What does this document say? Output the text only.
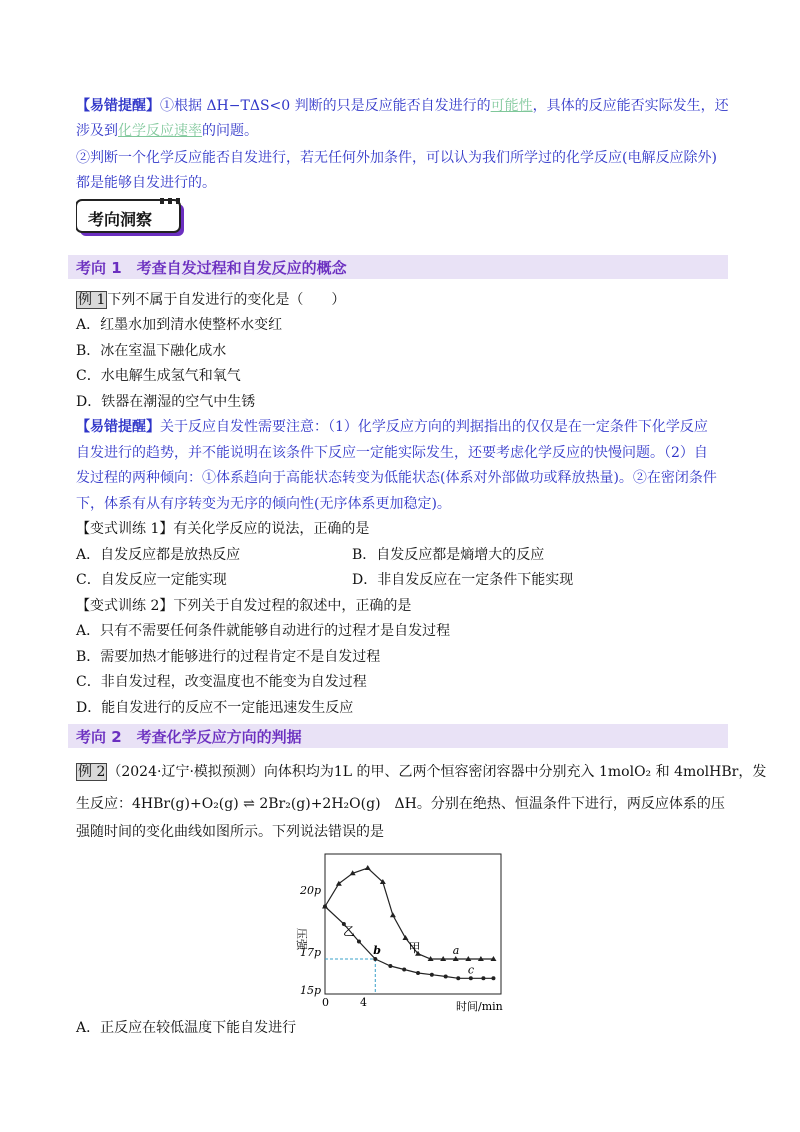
【易错提醒】①根据 ΔH−TΔS<0 判断的只是反应能否自发进行的可能性，具体的反应能否实际发生，还
涉及到化学反应速率的问题。
②判断一个化学反应能否自发进行，若无任何外加条件，可以认为我们所学过的化学反应(电解反应除外)
都是能够自发进行的。
考向洞察
考向 1　考查自发过程和自发反应的概念
例 1 下列不属于自发进行的变化是（　　）
A．红墨水加到清水使整杯水变红
B．冰在室温下融化成水
C．水电解生成氢气和氧气
D．铁器在潮湿的空气中生锈
【易错提醒】关于反应自发性需要注意：（1）化学反应方向的判据指出的仅仅是在一定条件下化学反应
自发进行的趋势，并不能说明在该条件下反应一定能实际发生，还要考虑化学反应的快慢问题。（2）自
发过程的两种倾向：①体系趋向于高能状态转变为低能状态(体系对外部做功或释放热量)。②在密闭条件
下，体系有从有序转变为无序的倾向性(无序体系更加稳定)。
【变式训练 1】有关化学反应的说法，正确的是
A．自发反应都是放热反应	B．自发反应都是熵增大的反应
C．自发反应一定能实现	D．非自发反应在一定条件下能实现
【变式训练 2】下列关于自发过程的叙述中，正确的是
A．只有不需要任何条件就能够自动进行的过程才是自发过程
B．需要加热才能够进行的过程肯定不是自发过程
C．非自发过程，改变温度也不能变为自发过程
D．能自发进行的反应不一定能迅速发生反应
考向 2　考查化学反应方向的判据
例 2 （2024·辽宁·模拟预测）向体积均为1L 的甲、乙两个恒容密闭容器中分别充入 1molO₂ 和 4molHBr，发
生反应：4HBr(g)+O₂(g) ⇌ 2Br₂(g)+2H₂O(g)　ΔH。分别在绝热、恒温条件下进行，两反应体系的压
强随时间的变化曲线如图所示。下列说法错误的是
压强
时间/min
20p
17p
15p
0	4
甲	a
乙
c
b
A．正反应在较低温度下能自发进行
